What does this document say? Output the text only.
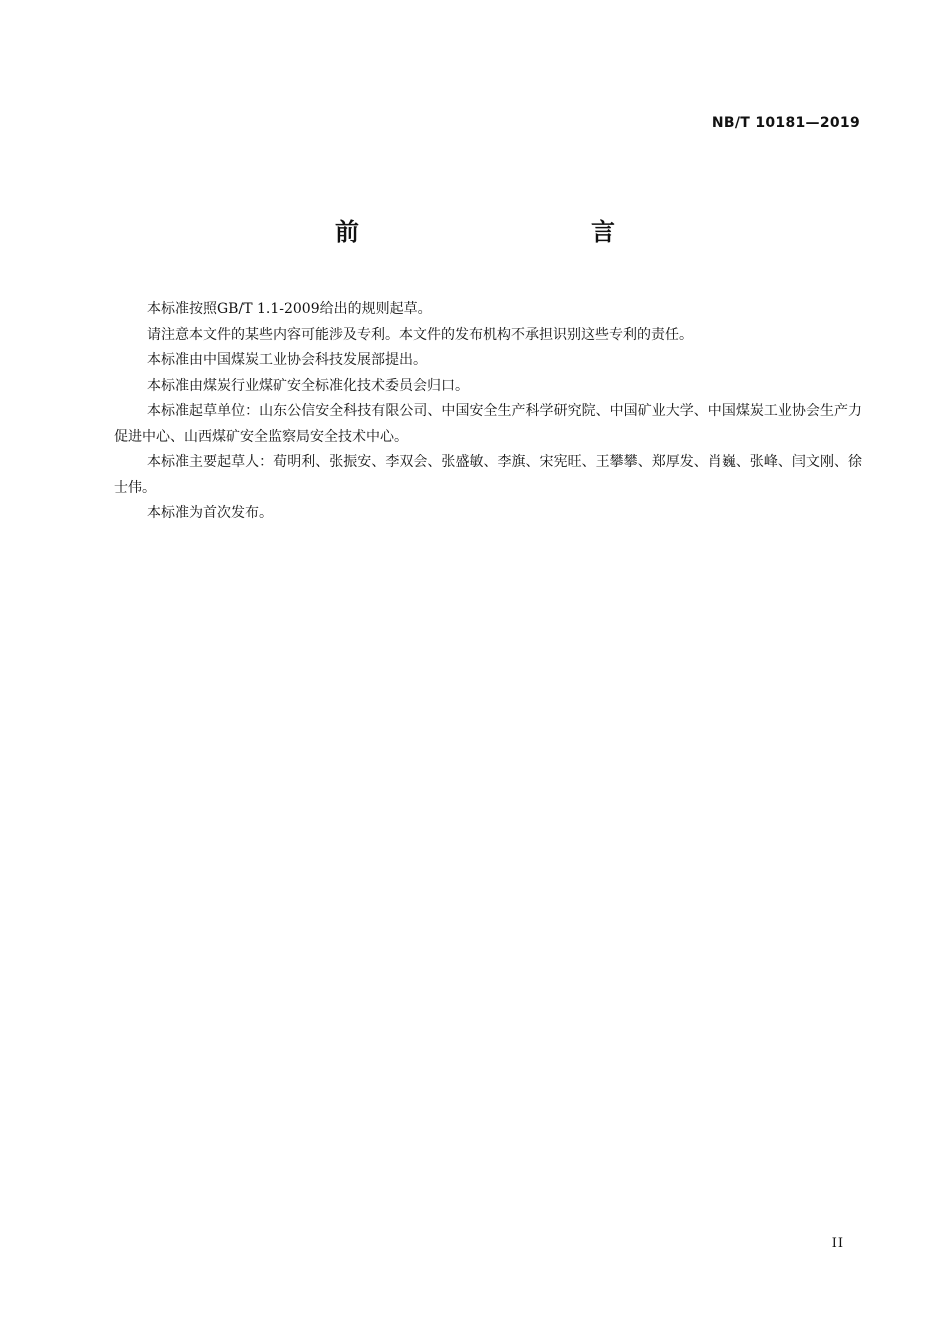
NB/T 10181—2019
前　言

本标准按照GB/T 1.1-2009给出的规则起草。

请注意本文件的某些内容可能涉及专利。本文件的发布机构不承担识别这些专利的责任。

本标准由中国煤炭工业协会科技发展部提出。

本标准由煤炭行业煤矿安全标准化技术委员会归口。

本标准起草单位：山东公信安全科技有限公司、中国安全生产科学研究院、中国矿业大学、中国煤炭工业协会生产力促进中心、山西煤矿安全监察局安全技术中心。

本标准主要起草人：荀明利、张振安、李双会、张盛敏、李旗、宋宪旺、王攀攀、郑厚发、肖巍、张峰、闫文刚、徐士伟。

本标准为首次发布。

II
